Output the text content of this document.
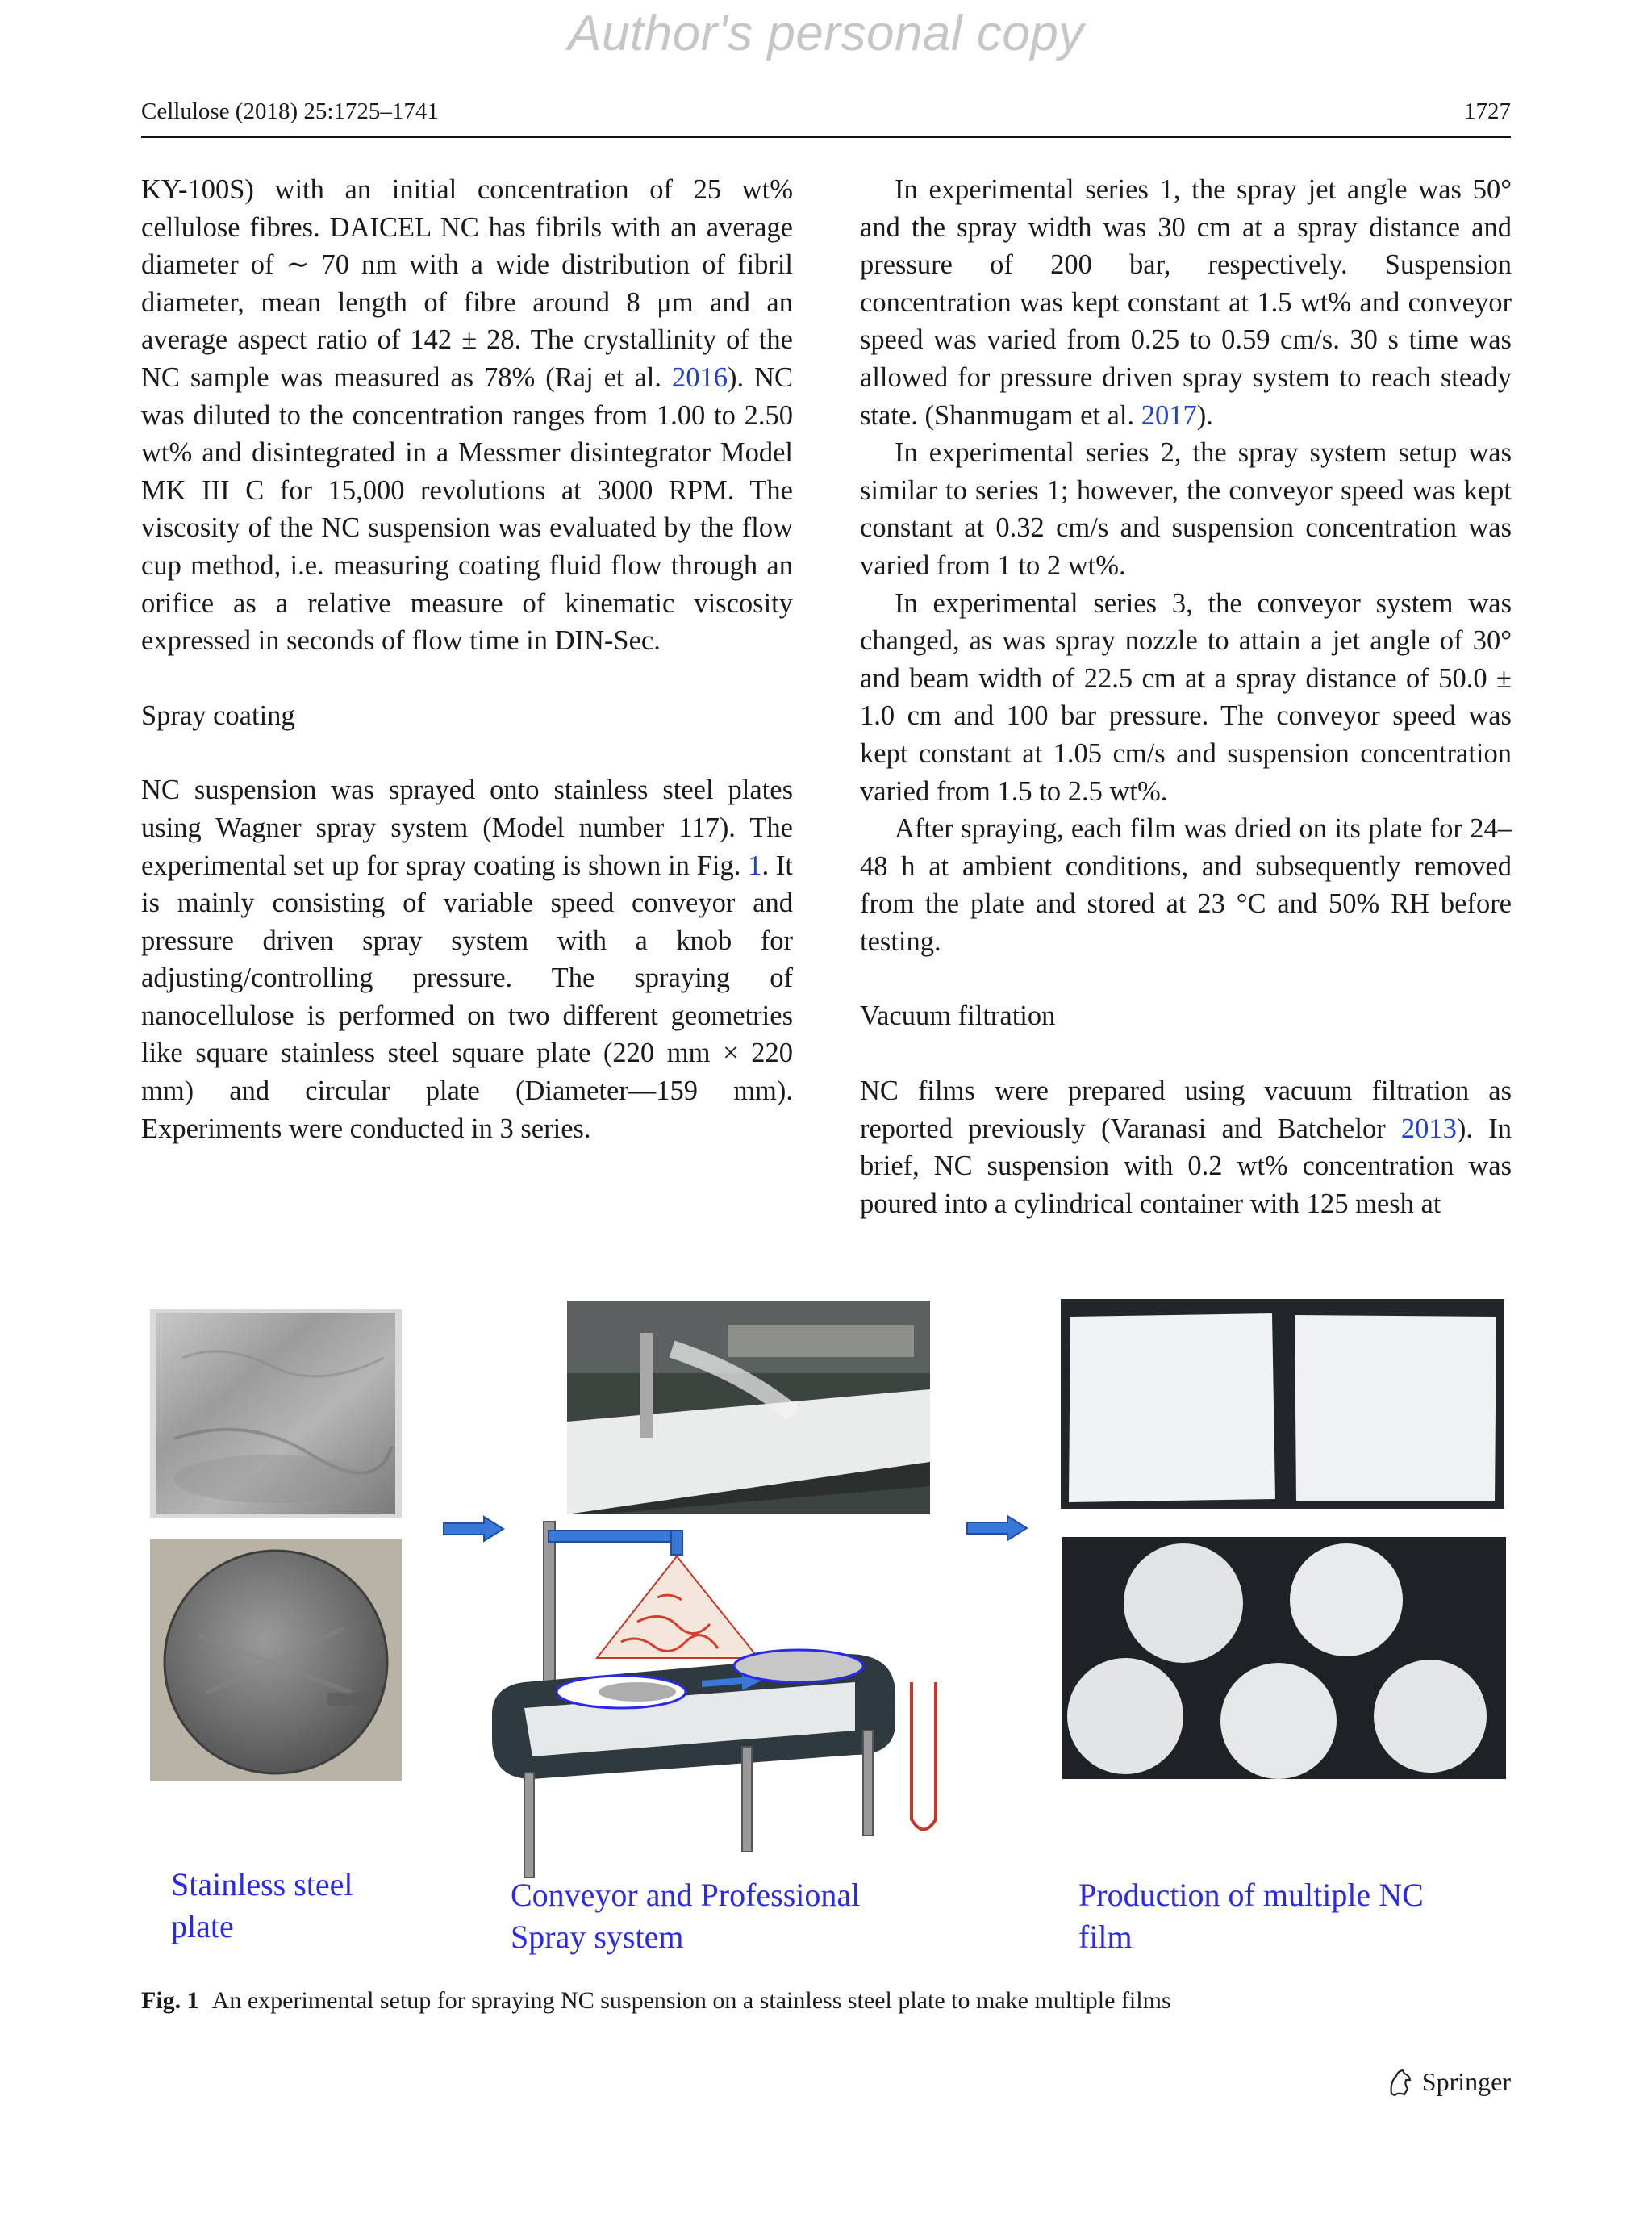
Author's personal copy
Cellulose (2018) 25:1725–1741	1727

KY-100S) with an initial concentration of 25 wt% cellulose fibres. DAICEL NC has fibrils with an average diameter of ∼ 70 nm with a wide distribution of fibril diameter, mean length of fibre around 8 μm and an average aspect ratio of 142 ± 28. The crystallinity of the NC sample was measured as 78% (Raj et al. 2016). NC was diluted to the concentration ranges from 1.00 to 2.50 wt% and disintegrated in a Messmer disintegrator Model MK III C for 15,000 revolutions at 3000 RPM. The viscosity of the NC suspension was evaluated by the flow cup method, i.e. measuring coating fluid flow through an orifice as a relative measure of kinematic viscosity expressed in seconds of flow time in DIN-Sec.

Spray coating

NC suspension was sprayed onto stainless steel plates using Wagner spray system (Model number 117). The experimental set up for spray coating is shown in Fig. 1. It is mainly consisting of variable speed conveyor and pressure driven spray system with a knob for adjusting/controlling pressure. The spraying of nanocellulose is performed on two different geometries like square stainless steel square plate (220 mm × 220 mm) and circular plate (Diameter—159 mm). Experiments were conducted in 3 series.

In experimental series 1, the spray jet angle was 50° and the spray width was 30 cm at a spray distance and pressure of 200 bar, respectively. Suspension concentration was kept constant at 1.5 wt% and conveyor speed was varied from 0.25 to 0.59 cm/s. 30 s time was allowed for pressure driven spray system to reach steady state. (Shanmugam et al. 2017).

In experimental series 2, the spray system setup was similar to series 1; however, the conveyor speed was kept constant at 0.32 cm/s and suspension concentration was varied from 1 to 2 wt%.

In experimental series 3, the conveyor system was changed, as was spray nozzle to attain a jet angle of 30° and beam width of 22.5 cm at a spray distance of 50.0 ± 1.0 cm and 100 bar pressure. The conveyor speed was kept constant at 1.05 cm/s and suspension concentration varied from 1.5 to 2.5 wt%.

After spraying, each film was dried on its plate for 24–48 h at ambient conditions, and subsequently removed from the plate and stored at 23 °C and 50% RH before testing.

Vacuum filtration

NC films were prepared using vacuum filtration as reported previously (Varanasi and Batchelor 2013). In brief, NC suspension with 0.2 wt% concentration was poured into a cylindrical container with 125 mesh at

Stainless steel plate
Conveyor and Professional Spray system
Production of multiple NC film
Fig. 1 An experimental setup for spraying NC suspension on a stainless steel plate to make multiple films
Springer
